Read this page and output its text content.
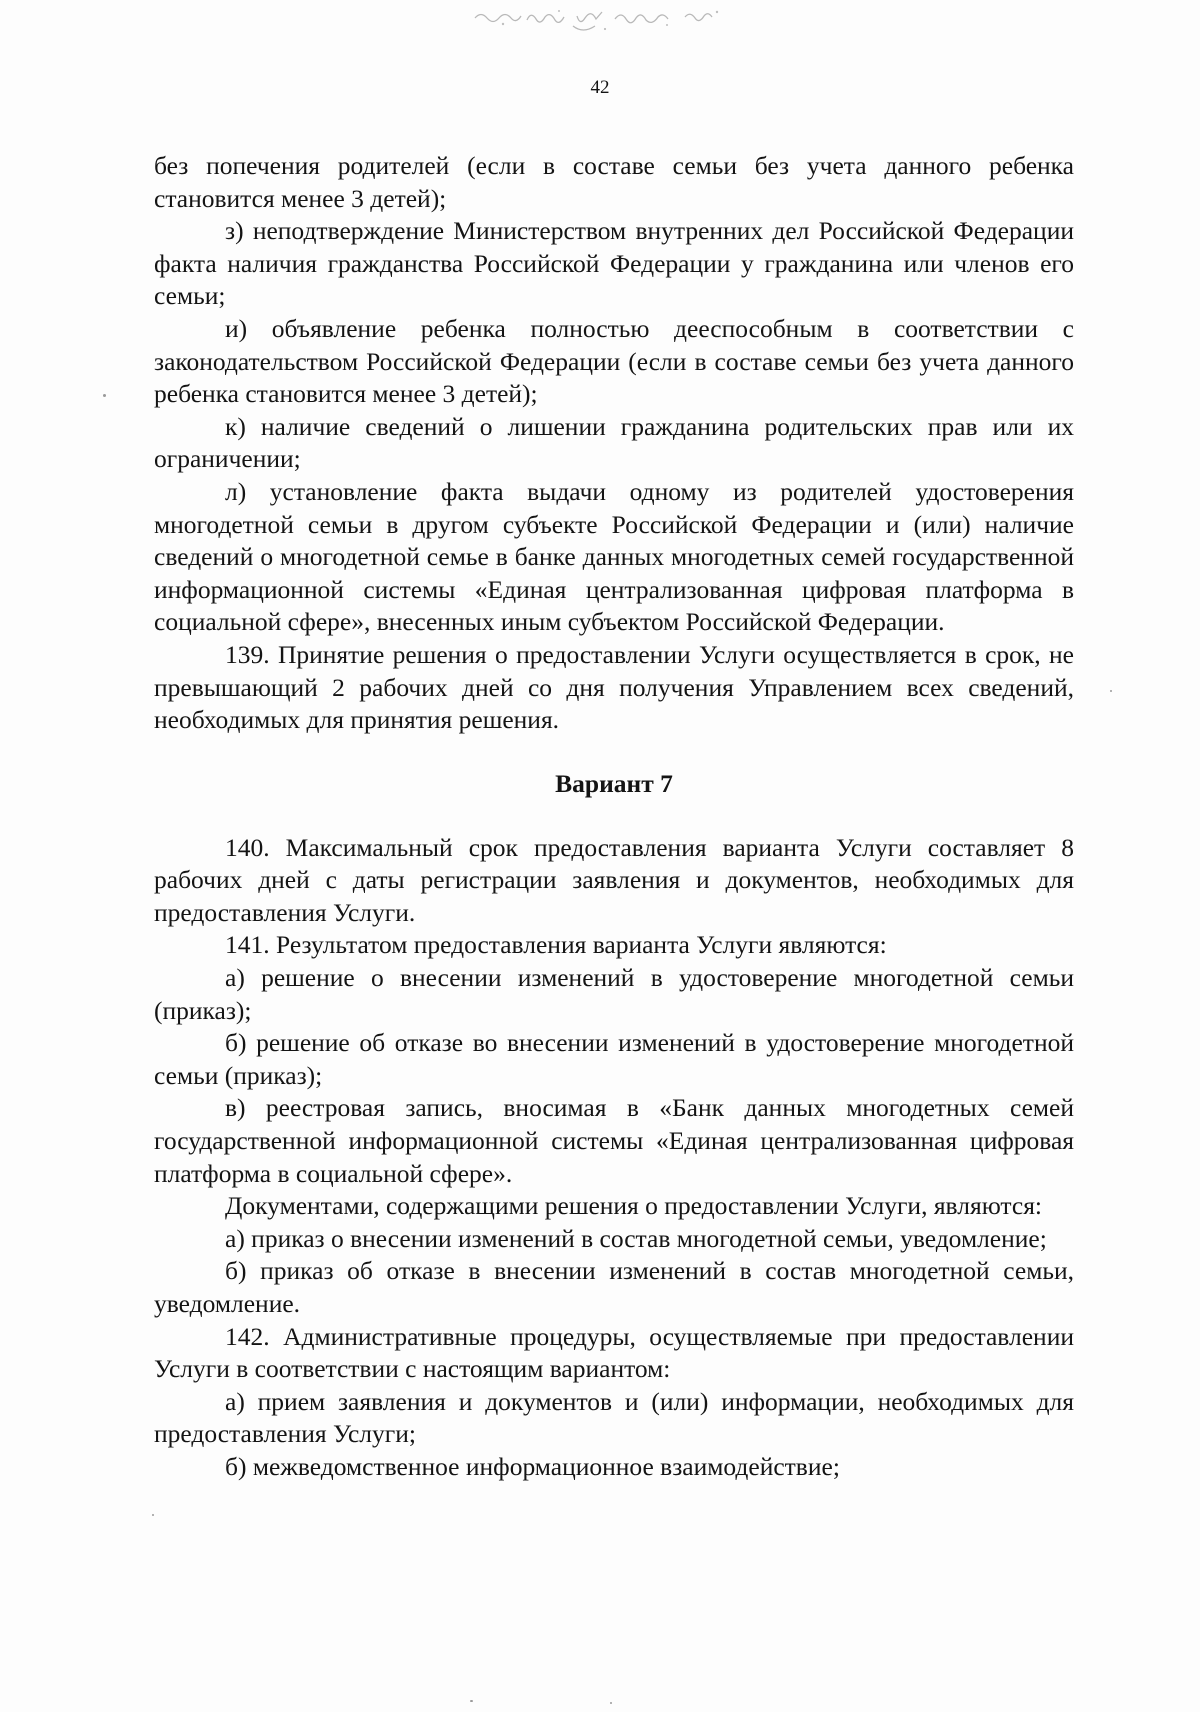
42

без попечения родителей (если в составе семьи без учета данного ребенка становится менее 3 детей);

з) неподтверждение Министерством внутренних дел Российской Федерации факта наличия гражданства Российской Федерации у гражданина или членов его семьи;

и) объявление ребенка полностью дееспособным в соответствии с законодательством Российской Федерации (если в составе семьи без учета данного ребенка становится менее 3 детей);

к) наличие сведений о лишении гражданина родительских прав или их ограничении;

л) установление факта выдачи одному из родителей удостоверения многодетной семьи в другом субъекте Российской Федерации и (или) наличие сведений о многодетной семье в банке данных многодетных семей государственной информационной системы «Единая централизованная цифровая платформа в социальной сфере», внесенных иным субъектом Российской Федерации.

139. Принятие решения о предоставлении Услуги осуществляется в срок, не превышающий 2 рабочих дней со дня получения Управлением всех сведений, необходимых для принятия решения.

Вариант 7

140. Максимальный срок предоставления варианта Услуги составляет 8 рабочих дней с даты регистрации заявления и документов, необходимых для предоставления Услуги.

141. Результатом предоставления варианта Услуги являются:

а) решение о внесении изменений в удостоверение многодетной семьи (приказ);

б) решение об отказе во внесении изменений в удостоверение многодетной семьи (приказ);

в) реестровая запись, вносимая в «Банк данных многодетных семей государственной информационной системы «Единая централизованная цифровая платформа в социальной сфере».

Документами, содержащими решения о предоставлении Услуги, являются:

а) приказ о внесении изменений в состав многодетной семьи, уведомление;

б) приказ об отказе в внесении изменений в состав многодетной семьи, уведомление.

142. Административные процедуры, осуществляемые при предоставлении Услуги в соответствии с настоящим вариантом:

а) прием заявления и документов и (или) информации, необходимых для предоставления Услуги;

б) межведомственное информационное взаимодействие;
